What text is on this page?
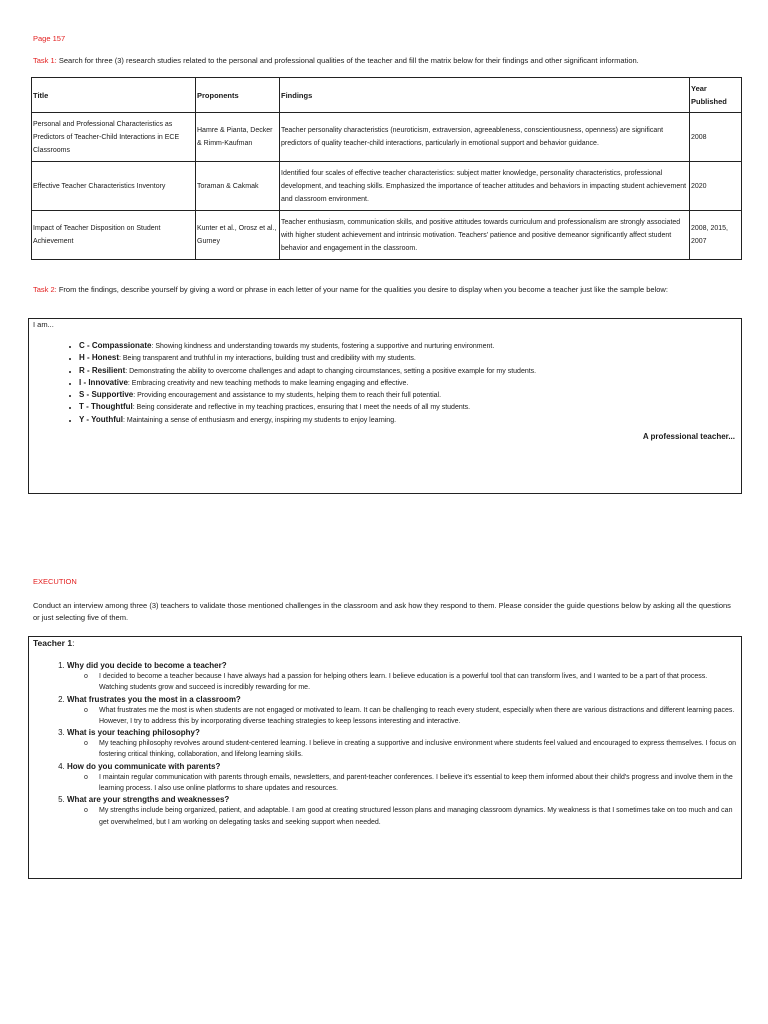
Page 157
Task 1: Search for three (3) research studies related to the personal and professional qualities of the teacher and fill the matrix below for their findings and other significant information.
Title	Proponents	Findings	Year Published
Personal and Professional Characteristics as Predictors of Teacher-Child Interactions in ECE Classrooms	Hamre & Pianta, Decker & Rimm-Kaufman	Teacher personality characteristics (neuroticism, extraversion, agreeableness, conscientiousness, openness) are significant predictors of quality teacher-child interactions, particularly in emotional support and behavior guidance.	2008
Effective Teacher Characteristics Inventory	Toraman & Cakmak	Identified four scales of effective teacher characteristics: subject matter knowledge, personality characteristics, professional development, and teaching skills. Emphasized the importance of teacher attitudes and behaviors in impacting student achievement and classroom environment.	2020
Impact of Teacher Disposition on Student Achievement	Kunter et al., Orosz et al., Gurney	Teacher enthusiasm, communication skills, and positive attitudes towards curriculum and professionalism are strongly associated with higher student achievement and intrinsic motivation. Teachers' patience and positive demeanor significantly affect student behavior and engagement in the classroom.	2008, 2015, 2007
Task 2: From the findings, describe yourself by giving a word or phrase in each letter of your name for the qualities you desire to display when you become a teacher just like the sample below:
I am...
• C - Compassionate: Showing kindness and understanding towards my students, fostering a supportive and nurturing environment.
• H - Honest: Being transparent and truthful in my interactions, building trust and credibility with my students.
• R - Resilient: Demonstrating the ability to overcome challenges and adapt to changing circumstances, setting a positive example for my students.
• I - Innovative: Embracing creativity and new teaching methods to make learning engaging and effective.
• S - Supportive: Providing encouragement and assistance to my students, helping them to reach their full potential.
• T - Thoughtful: Being considerate and reflective in my teaching practices, ensuring that I meet the needs of all my students.
• Y - Youthful: Maintaining a sense of enthusiasm and energy, inspiring my students to enjoy learning.
A professional teacher...
EXECUTION
Conduct an interview among three (3) teachers to validate those mentioned challenges in the classroom and ask how they respond to them. Please consider the guide questions below by asking all the questions or just selecting five of them.
Teacher 1:
1. Why did you decide to become a teacher?
o I decided to become a teacher because I have always had a passion for helping others learn. I believe education is a powerful tool that can transform lives, and I wanted to be a part of that process. Watching students grow and succeed is incredibly rewarding for me.
2. What frustrates you the most in a classroom?
o What frustrates me the most is when students are not engaged or motivated to learn. It can be challenging to reach every student, especially when there are various distractions and different learning paces. However, I try to address this by incorporating diverse teaching strategies to keep lessons interesting and interactive.
3. What is your teaching philosophy?
o My teaching philosophy revolves around student-centered learning. I believe in creating a supportive and inclusive environment where students feel valued and encouraged to express themselves. I focus on fostering critical thinking, collaboration, and lifelong learning skills.
4. How do you communicate with parents?
o I maintain regular communication with parents through emails, newsletters, and parent-teacher conferences. I believe it's essential to keep them informed about their child's progress and involve them in the learning process. I also use online platforms to share updates and resources.
5. What are your strengths and weaknesses?
o My strengths include being organized, patient, and adaptable. I am good at creating structured lesson plans and managing classroom dynamics. My weakness is that I sometimes take on too much and can get overwhelmed, but I am working on delegating tasks and seeking support when needed.
